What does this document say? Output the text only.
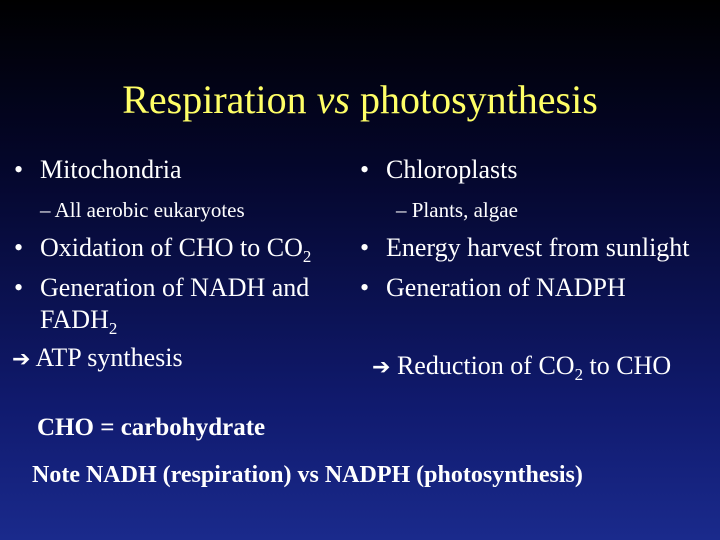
Respiration vs photosynthesis
• Mitochondria
– All aerobic eukaryotes
• Oxidation of CHO to $CO_2$
• Generation of NADH and
$FADH_2$
➔ ATP synthesis
• Chloroplasts
– Plants, algae
• Energy harvest from sunlight
• Generation of NADPH
➔ Reduction of $CO_2$ to CHO
CHO = carbohydrate
Note NADH (respiration) vs NADPH (photosynthesis)
